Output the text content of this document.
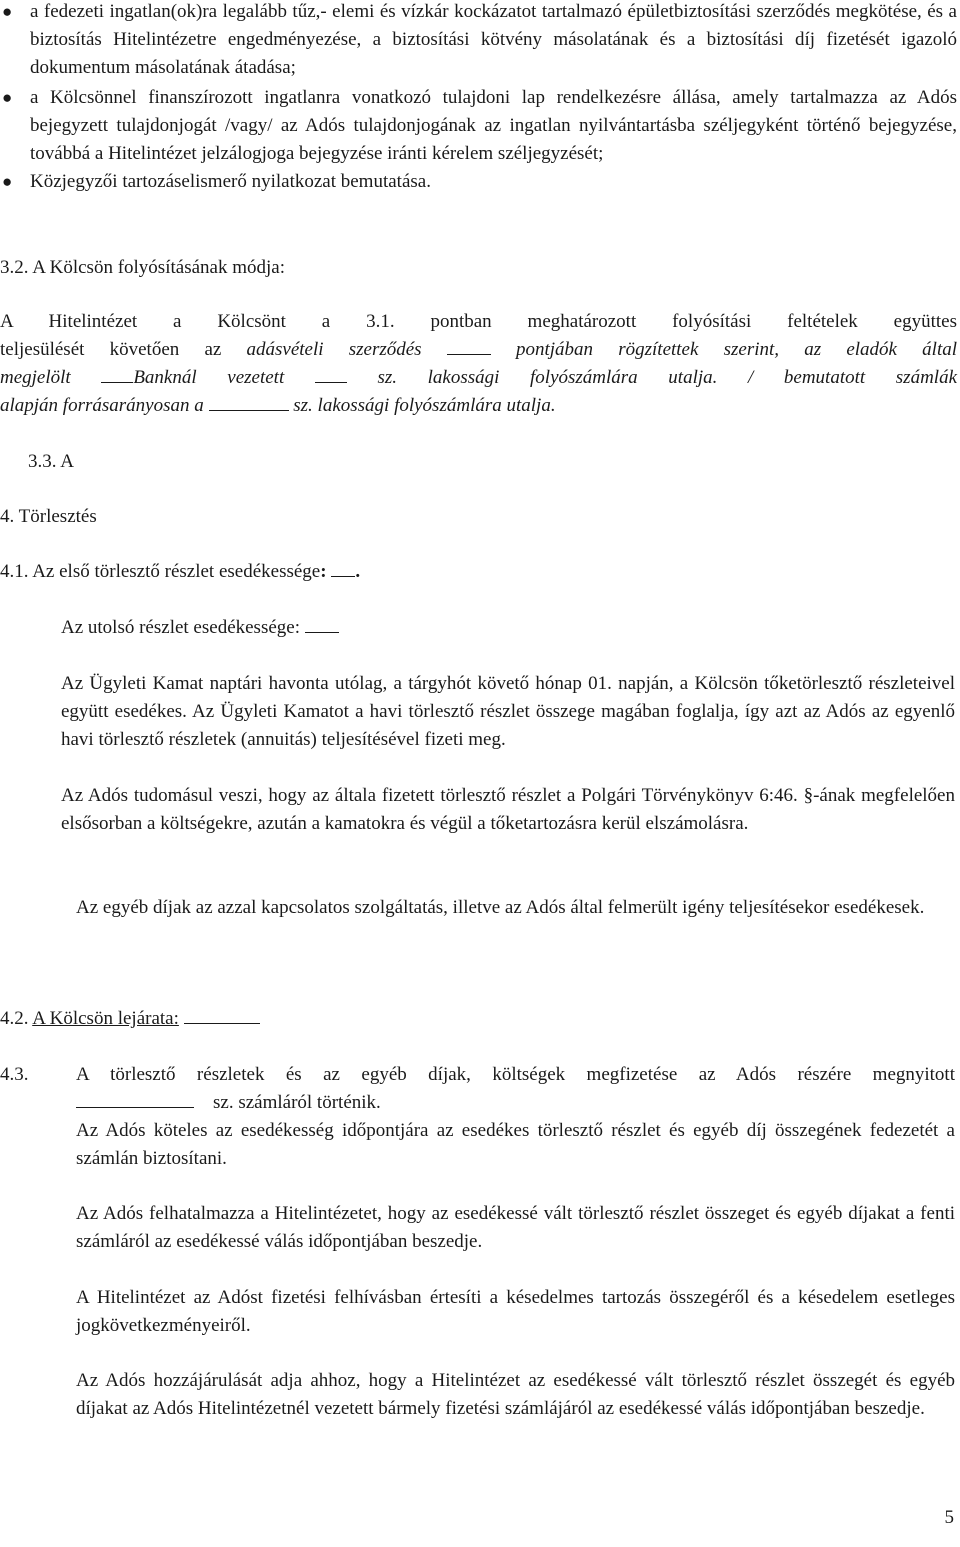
● a fedezeti ingatlan(ok)ra legalább tűz,- elemi és vízkár kockázatot tartalmazó épületbiztosítási szerződés megkötése, és a biztosítás Hitelintézetre engedményezése, a biztosítási kötvény másolatának és a biztosítási díj fizetését igazoló dokumentum másolatának átadása;
● a Kölcsönnel finanszírozott ingatlanra vonatkozó tulajdoni lap rendelkezésre állása, amely tartalmazza az Adós bejegyzett tulajdonjogát /vagy/ az Adós tulajdonjogának az ingatlan nyilvántartásba széljegyként történő bejegyzése, továbbá a Hitelintézet jelzálogjoga bejegyzése iránti kérelem széljegyzését;
● Közjegyzői tartozáselismerő nyilatkozat bemutatása.
3.2. A Kölcsön folyósításának módja:
A Hitelintézet a Kölcsönt a 3.1. pontban meghatározott folyósítási feltételek együttes
teljesülését követően az adásvételi szerződés  pontjában rögzítettek szerint, az eladók által
megjelölt Banknál vezetett  sz. lakossági folyószámlára utalja. / bemutatott számlák
alapján forrásarányosan a	sz. lakossági folyószámlára utalja.
3.3. A
4. Törlesztés
4.1. Az első törlesztő részlet esedékessége: .
Az utolsó részlet esedékessége:
Az Ügyleti Kamat naptári havonta utólag, a tárgyhót követő hónap 01. napján, a Kölcsön tőketörlesztő részleteivel együtt esedékes. Az Ügyleti Kamatot a havi törlesztő részlet összege magában foglalja, így azt az Adós az egyenlő havi törlesztő részletek (annuitás) teljesítésével fizeti meg.
Az Adós tudomásul veszi, hogy az általa fizetett törlesztő részlet a Polgári Törvénykönyv 6:46. §-ának megfelelően elsősorban a költségekre, azután a kamatokra és végül a tőketartozásra kerül elszámolásra.
Az egyéb díjak az azzal kapcsolatos szolgáltatás, illetve az Adós által felmerült igény teljesítésekor esedékesek.
4.2. A Kölcsön lejárata:
4.3.	A törlesztő részletek és az egyéb díjak, költségek megfizetése az Adós részére megnyitott
sz. számláról történik.
Az Adós köteles az esedékesség időpontjára az esedékes törlesztő részlet és egyéb díj összegének fedezetét a számlán biztosítani.
Az Adós felhatalmazza a Hitelintézetet, hogy az esedékessé vált törlesztő részlet összeget és egyéb díjakat a fenti számláról az esedékessé válás időpontjában beszedje.
A Hitelintézet az Adóst fizetési felhívásban értesíti a késedelmes tartozás összegéről és a késedelem esetleges jogkövetkezményeiről.
Az Adós hozzájárulását adja ahhoz, hogy a Hitelintézet az esedékessé vált törlesztő részlet összegét és egyéb díjakat az Adós Hitelintézetnél vezetett bármely fizetési számlájáról az esedékessé válás időpontjában beszedje.
5
